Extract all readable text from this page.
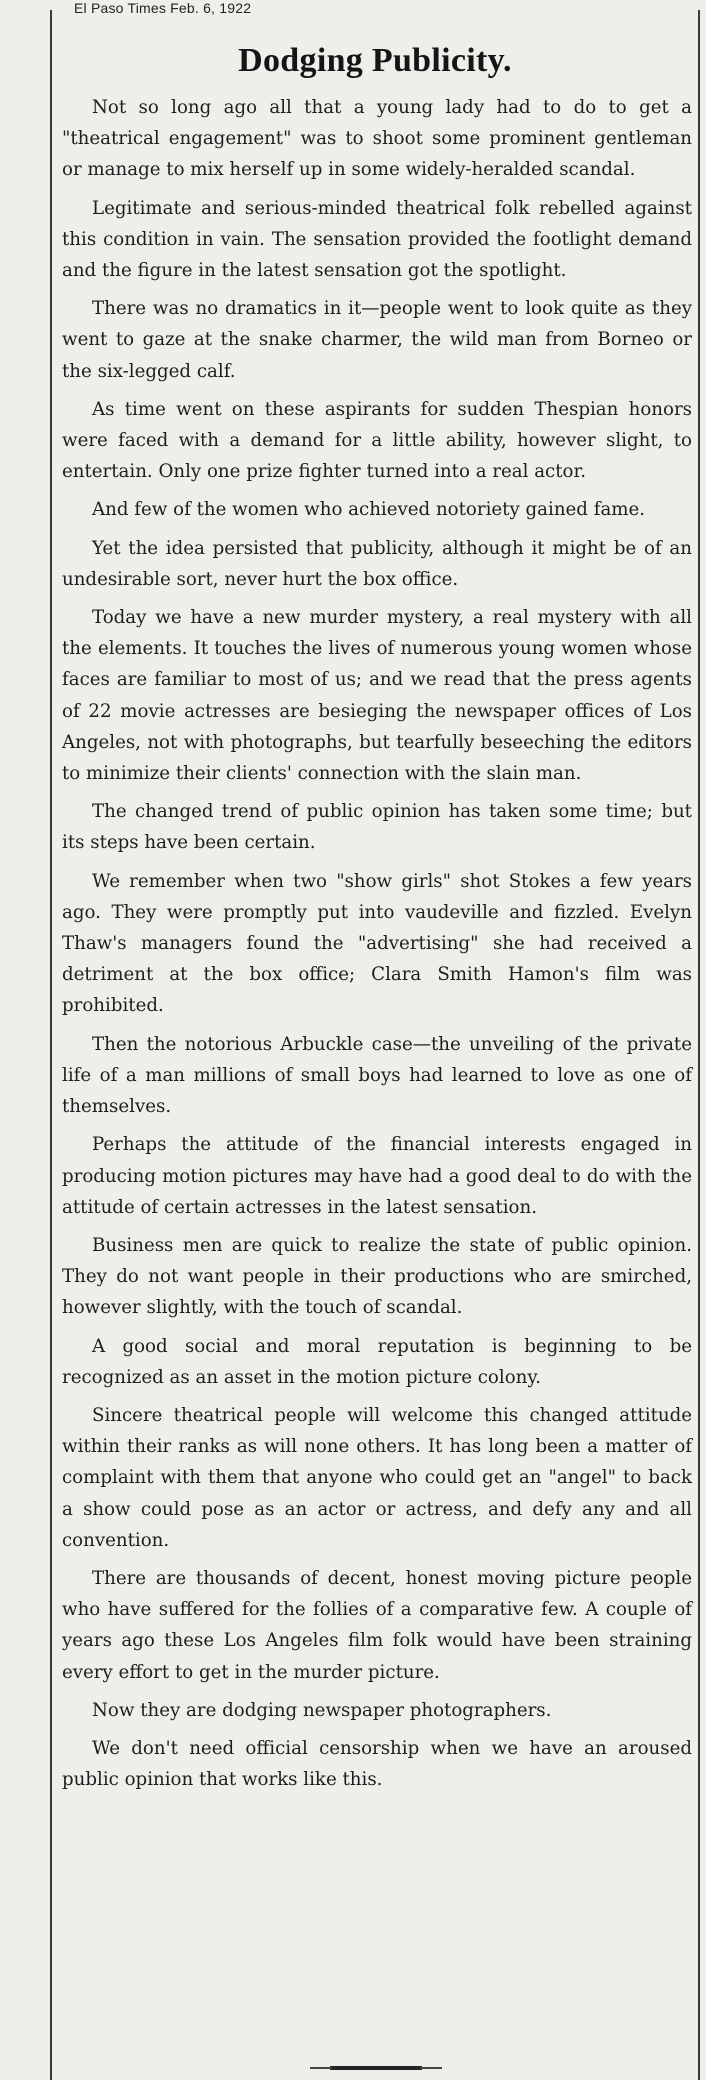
El Paso Times Feb. 6, 1922
Dodging Publicity.

Not so long ago all that a young lady had to do to get a "theatrical engagement" was to shoot some prominent gentleman or manage to mix herself up in some widely-heralded scandal.

Legitimate and serious-minded theatrical folk rebelled against this condition in vain. The sensation provided the footlight demand and the figure in the latest sensation got the spotlight.

There was no dramatics in it—people went to look quite as they went to gaze at the snake charmer, the wild man from Borneo or the six-legged calf.

As time went on these aspirants for sudden Thespian honors were faced with a demand for a little ability, however slight, to entertain. Only one prize fighter turned into a real actor.

And few of the women who achieved notoriety gained fame.

Yet the idea persisted that publicity, although it might be of an undesirable sort, never hurt the box office.

Today we have a new murder mystery, a real mystery with all the elements. It touches the lives of numerous young women whose faces are familiar to most of us; and we read that the press agents of 22 movie actresses are besieging the newspaper offices of Los Angeles, not with photographs, but tearfully beseeching the editors to minimize their clients' connection with the slain man.

The changed trend of public opinion has taken some time; but its steps have been certain.

We remember when two "show girls" shot Stokes a few years ago. They were promptly put into vaudeville and fizzled. Evelyn Thaw's managers found the "advertising" she had received a detriment at the box office; Clara Smith Hamon's film was prohibited.

Then the notorious Arbuckle case—the unveiling of the private life of a man millions of small boys had learned to love as one of themselves.

Perhaps the attitude of the financial interests engaged in producing motion pictures may have had a good deal to do with the attitude of certain actresses in the latest sensation.

Business men are quick to realize the state of public opinion. They do not want people in their productions who are smirched, however slightly, with the touch of scandal.

A good social and moral reputation is beginning to be recognized as an asset in the motion picture colony.

Sincere theatrical people will welcome this changed attitude within their ranks as will none others. It has long been a matter of complaint with them that anyone who could get an "angel" to back a show could pose as an actor or actress, and defy any and all convention.

There are thousands of decent, honest moving picture people who have suffered for the follies of a comparative few. A couple of years ago these Los Angeles film folk would have been straining every effort to get in the murder picture.

Now they are dodging newspaper photographers.

We don't need official censorship when we have an aroused public opinion that works like this.
